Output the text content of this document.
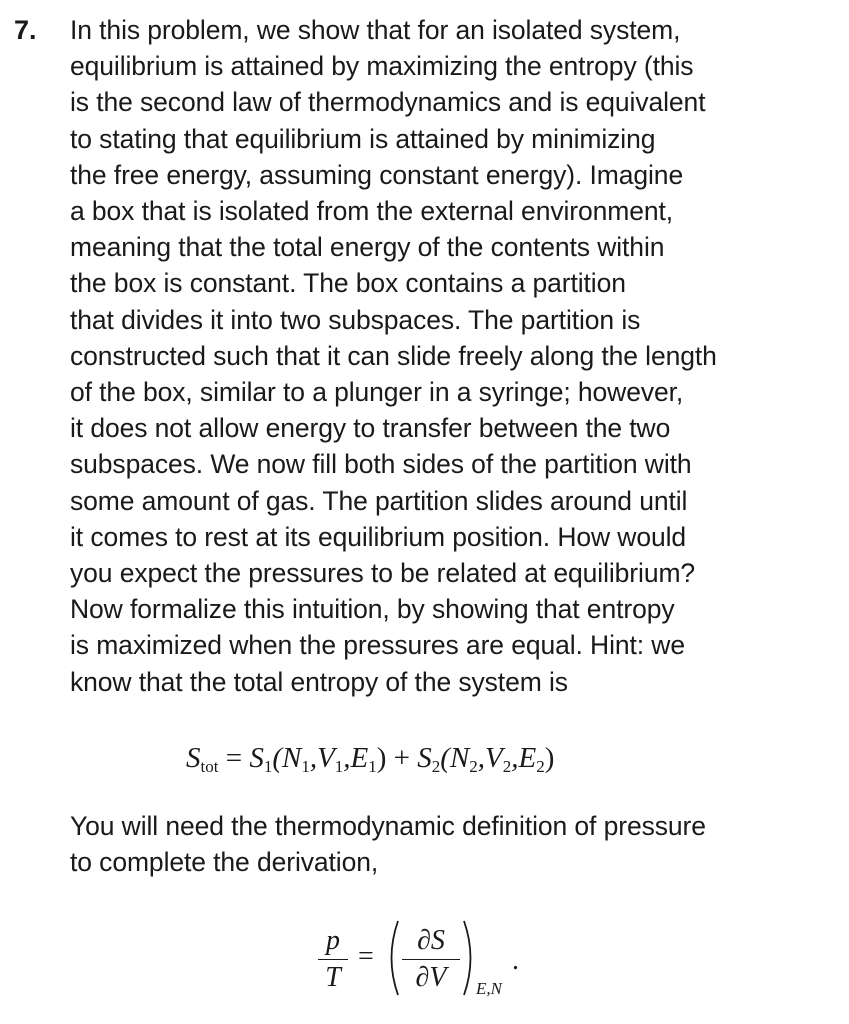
7. In this problem, we show that for an isolated system,
equilibrium is attained by maximizing the entropy (this
is the second law of thermodynamics and is equivalent
to stating that equilibrium is attained by minimizing
the free energy, assuming constant energy). Imagine
a box that is isolated from the external environment,
meaning that the total energy of the contents within
the box is constant. The box contains a partition
that divides it into two subspaces. The partition is
constructed such that it can slide freely along the length
of the box, similar to a plunger in a syringe; however,
it does not allow energy to transfer between the two
subspaces. We now fill both sides of the partition with
some amount of gas. The partition slides around until
it comes to rest at its equilibrium position. How would
you expect the pressures to be related at equilibrium?
Now formalize this intuition, by showing that entropy
is maximized when the pressures are equal. Hint: we
know that the total entropy of the system is
$S_{tot} = S_1(N_1,V_1,E_1) + S_2(N_2,V_2,E_2)$
You will need the thermodynamic definition of pressure
to complete the derivation,
p
T
=
∂S
∂V	E,N
.
